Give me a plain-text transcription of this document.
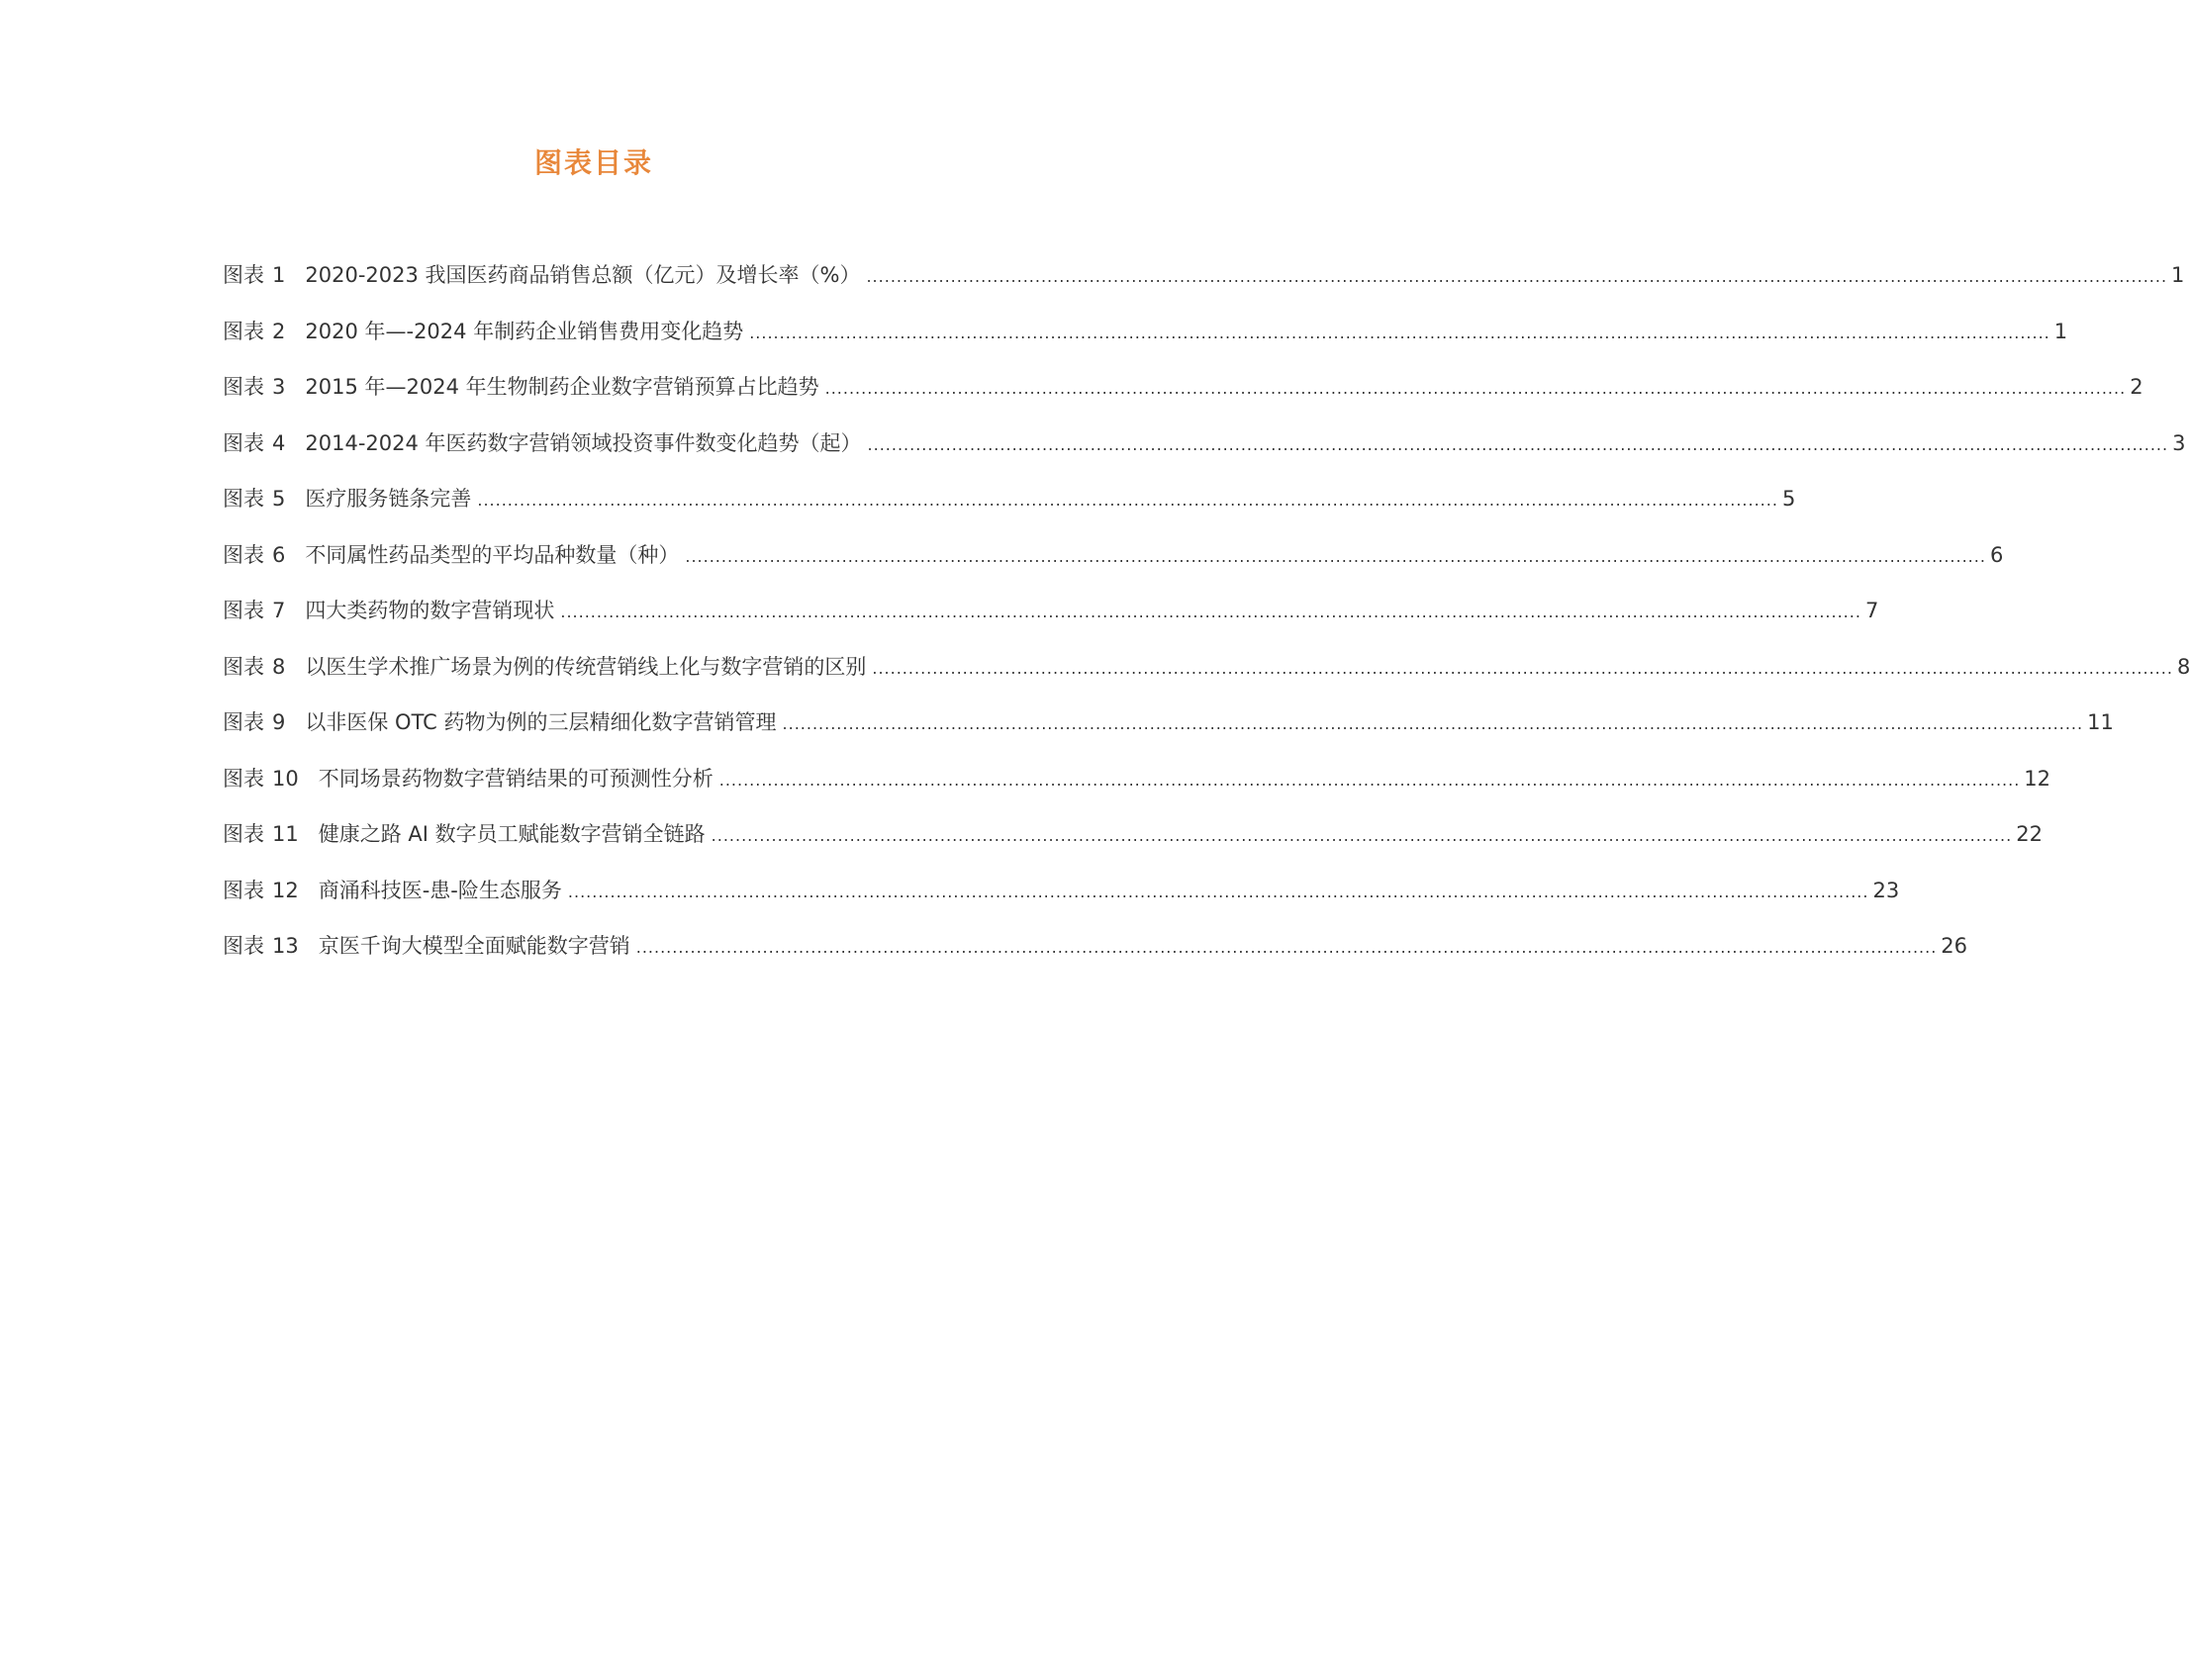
图表目录
图表 1 2020-2023 我国医药商品销售总额（亿元）及增长率（%） .....	1
图表 2 2020 年—-2024 年制药企业销售费用变化趋势 .....	1
图表 3 2015 年—2024 年生物制药企业数字营销预算占比趋势 .....	2
图表 4 2014-2024 年医药数字营销领域投资事件数变化趋势（起） .....	3
图表 5 医疗服务链条完善 .....	5
图表 6 不同属性药品类型的平均品种数量（种） .....	6
图表 7 四大类药物的数字营销现状 .....	7
图表 8 以医生学术推广场景为例的传统营销线上化与数字营销的区别 .....	8
图表 9 以非医保 OTC 药物为例的三层精细化数字营销管理 .....	11
图表 10 不同场景药物数字营销结果的可预测性分析 .....	12
图表 11 健康之路 AI 数字员工赋能数字营销全链路 .....	22
图表 12 商涌科技医-患-险生态服务 .....	23
图表 13 京医千询大模型全面赋能数字营销 .....	26
